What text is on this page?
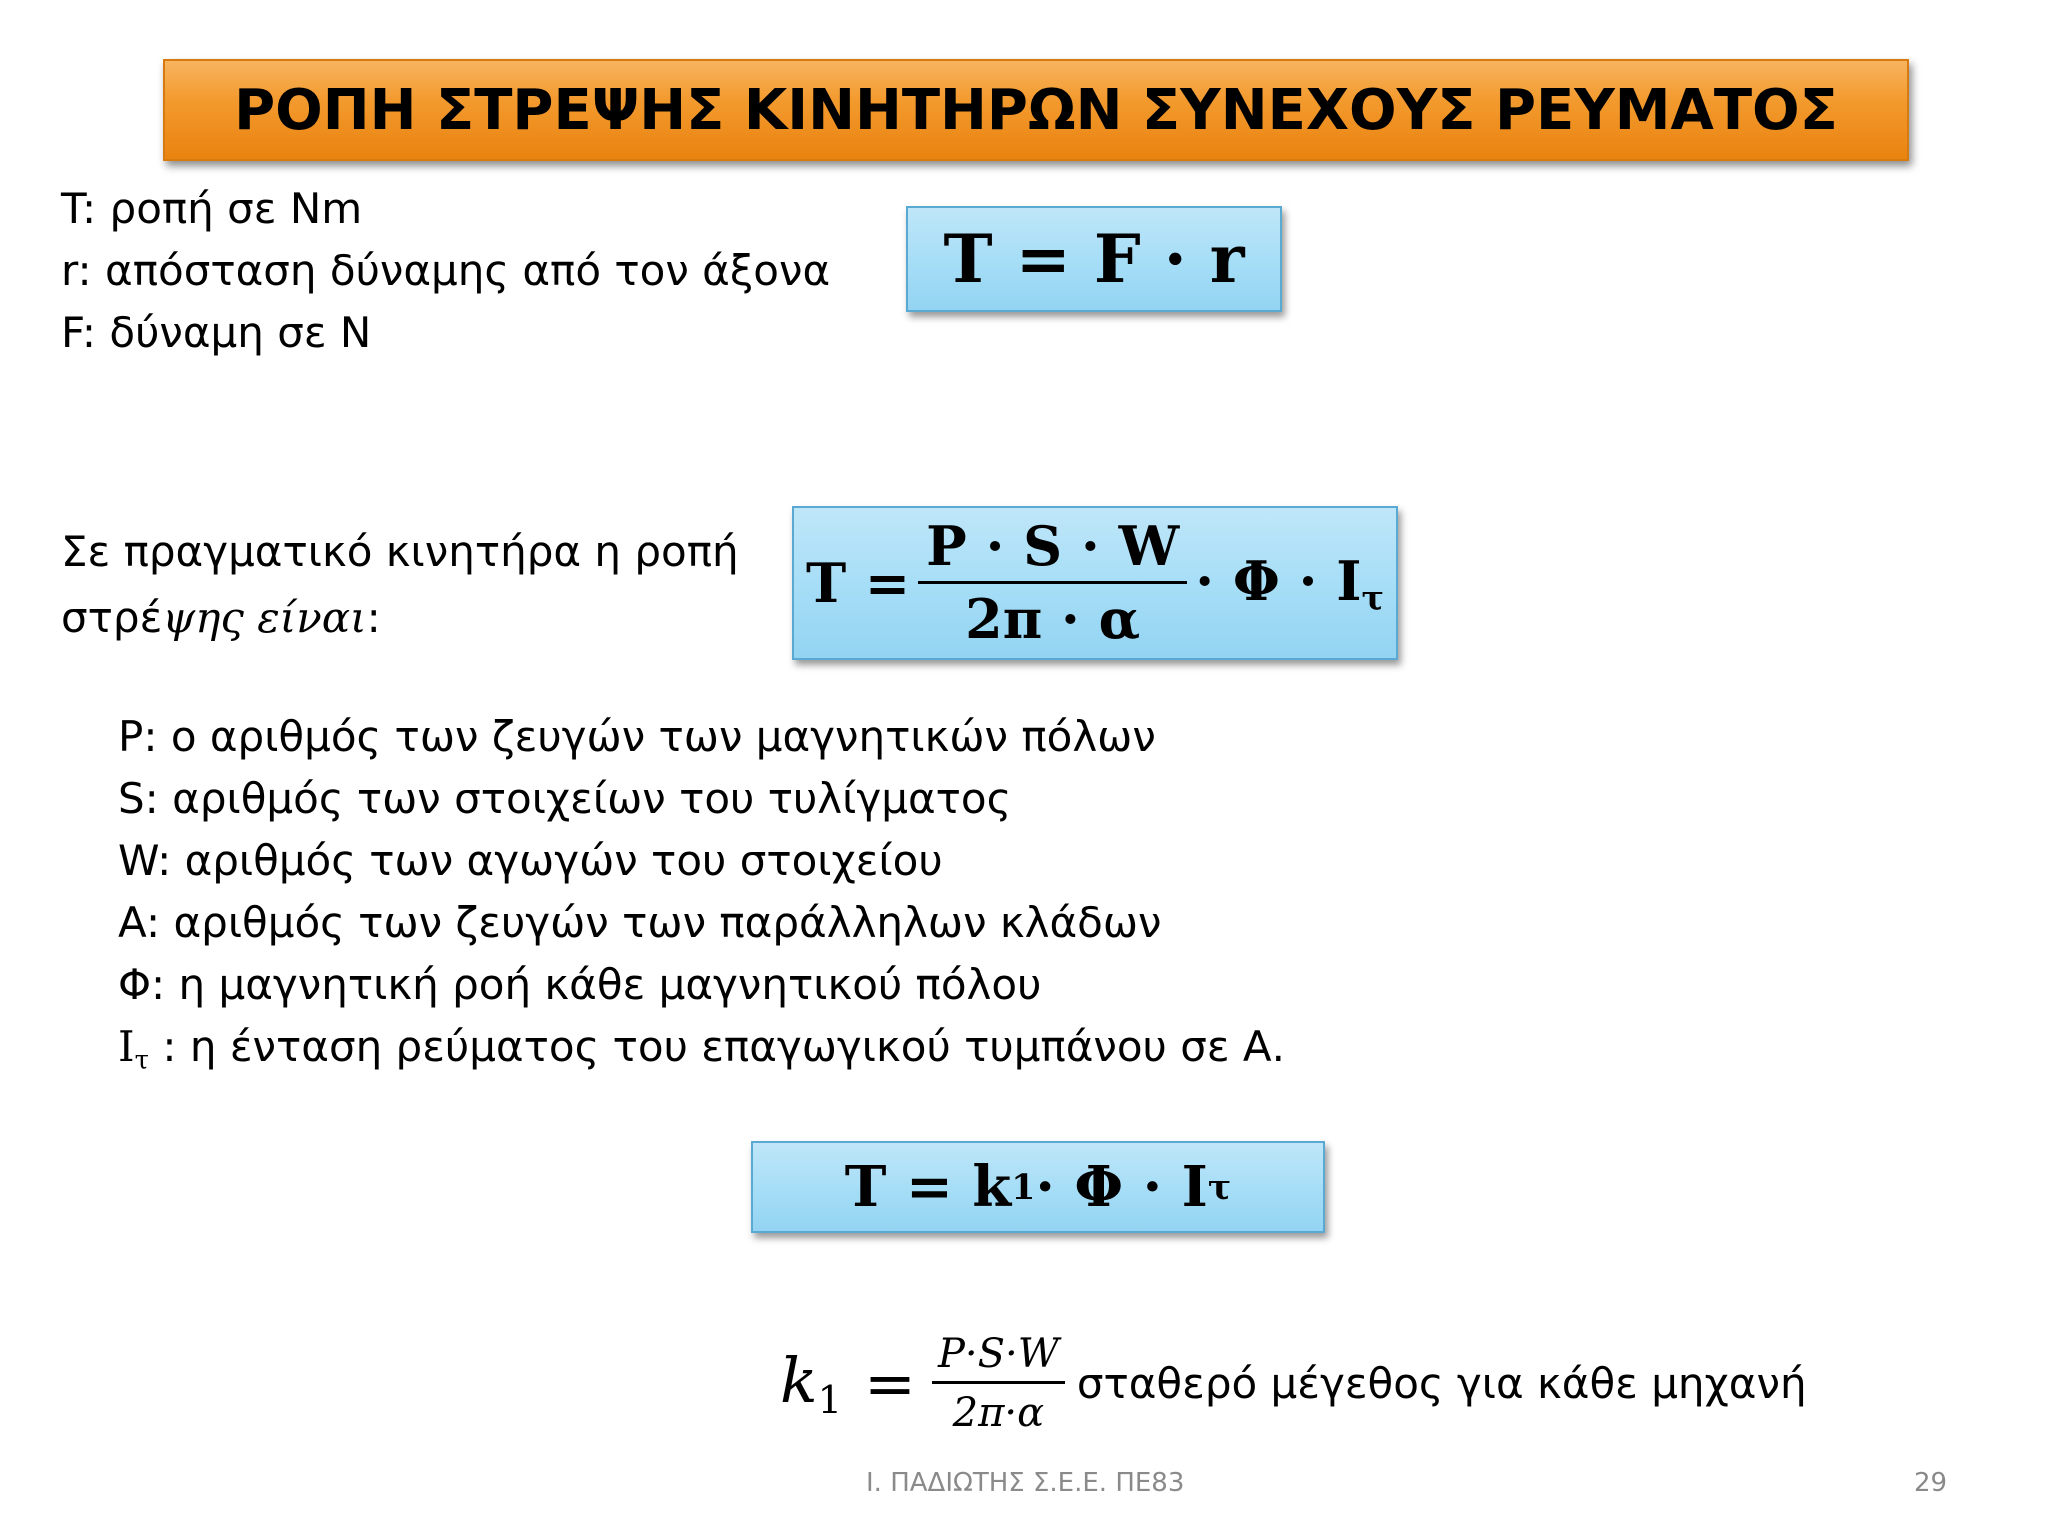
ΡΟΠΗ ΣΤΡΕΨΗΣ ΚΙΝΗΤΗΡΩΝ ΣΥΝΕΧΟΥΣ ΡΕΥΜΑΤΟΣ
T: ροπή σε Nm
r: απόσταση δύναμης από τον άξονα
F: δύναμη σε N
T = F · r
Σε πραγματικό κινητήρα η ροπή
στρέψης είναι:
$T = \frac{P \cdot S \cdot W}{2\pi \cdot \alpha} \cdot \Phi \cdot I_\tau$
P: ο αριθμός των ζευγών των μαγνητικών πόλων
S: αριθμός των στοιχείων του τυλίγματος
W: αριθμός των αγωγών του στοιχείου
A: αριθμός των ζευγών των παράλληλων κλάδων
Φ: η μαγνητική ροή κάθε μαγνητικού πόλου
$I_\tau$ : η ένταση ρεύματος του επαγωγικού τυμπάνου σε Α.
T = k 1 · Φ · I τ
$k_1 = \frac{P\cdot S\cdot W}{2\pi\cdot\alpha}$ σταθερό μέγεθος για κάθε μηχανή
Ι. ΠΑΔΙΩΤΗΣ Σ.Ε.Ε. ΠΕ83	29
